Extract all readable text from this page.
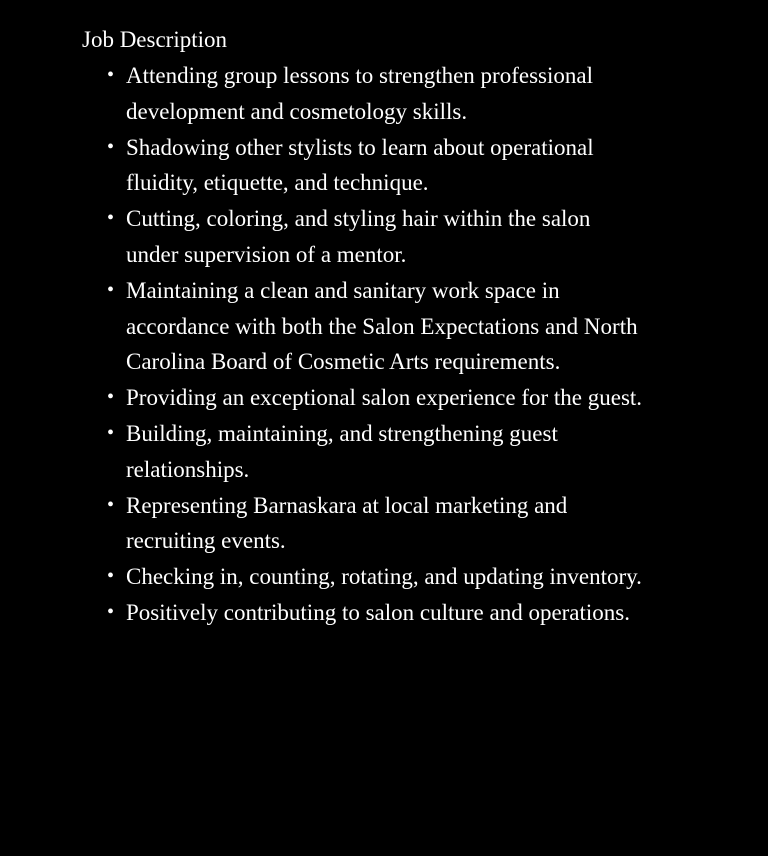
Job Description
• Attending group lessons to strengthen professional development and cosmetology skills.
• Shadowing other stylists to learn about operational fluidity, etiquette, and technique.
• Cutting, coloring, and styling hair within the salon under supervision of a mentor.
• Maintaining a clean and sanitary work space in accordance with both the Salon Expectations and North Carolina Board of Cosmetic Arts requirements.
• Providing an exceptional salon experience for the guest.
• Building, maintaining, and strengthening guest relationships.
• Representing Barnaskara at local marketing and recruiting events.
• Checking in, counting, rotating, and updating inventory.
• Positively contributing to salon culture and operations.
